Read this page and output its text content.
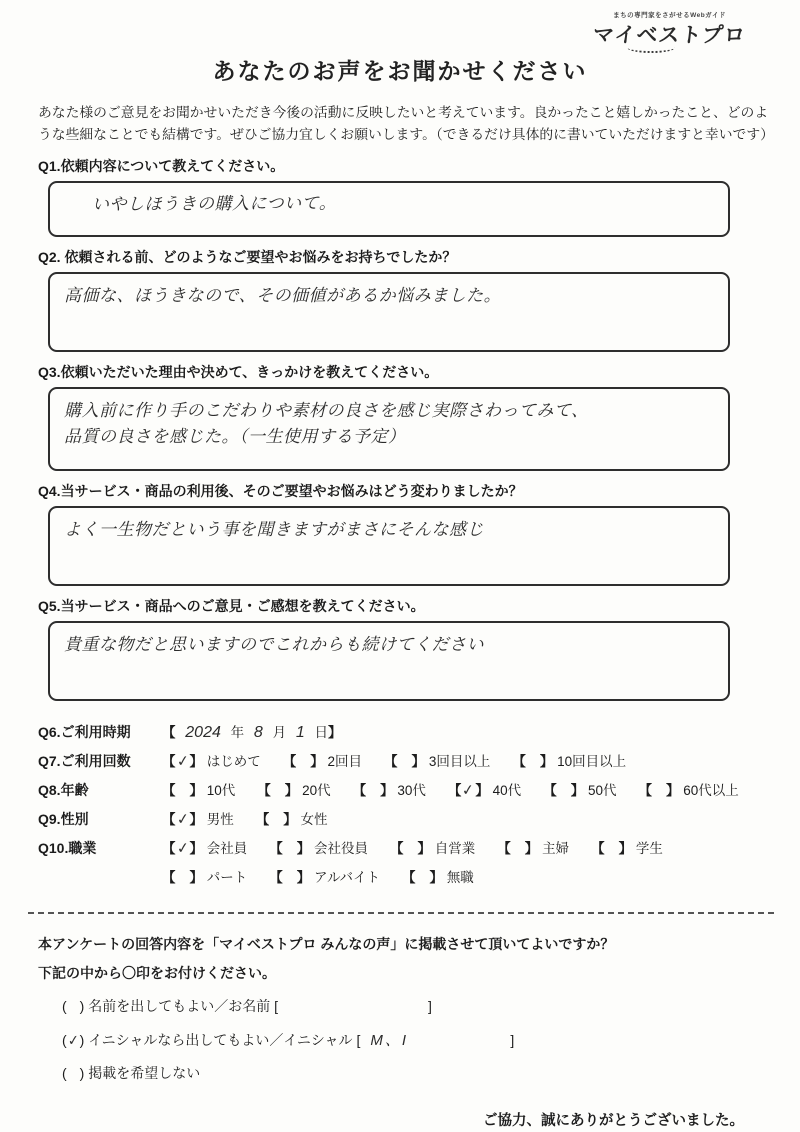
まちの専門家をさがせるWebガイド
マイベストプロ
あなたのお声をお聞かせください

あなた様のご意見をお聞かせいただき今後の活動に反映したいと考えています。良かったこと嬉しかったこと、どのような些細なことでも結構です。ぜひご協力宜しくお願いします。（できるだけ具体的に書いていただけますと幸いです）

Q1.依頼内容について教えてください。
いやしほうきの購入について。
Q2. 依頼される前、どのようなご要望やお悩みをお持ちでしたか？
高価な、ほうきなので、その価値があるか悩みました。
Q3.依頼いただいた理由や決めて、きっかけを教えてください。
購入前に作り手のこだわりや素材の良さを感じ実際さわってみて、
品質の良さを感じた。（一生使用する予定）
Q4.当サービス・商品の利用後、そのご要望やお悩みはどう変わりましたか？
よく一生物だという事を聞きますがまさにそんな感じ
Q5.当サービス・商品へのご意見・ご感想を教えてください。
貴重な物だと思いますのでこれからも続けてください
Q6.ご利用時期	【 2024 年 8 月 1 日】
Q7.ご利用回数	【✓】 はじめて 【 】 2回目 【 】 3回目以上 【 】 10回目以上
Q8.年齢	【 】 10代 【 】 20代 【 】 30代 【✓】 40代 【 】 50代 【 】 60代以上
Q9.性別	【✓】 男性 【 】 女性
Q10.職業	【✓】 会社員 【 】 会社役員 【 】 自営業 【 】 主婦 【 】 学生
【 】 パート 【 】 アルバイト 【 】 無職
本アンケートの回答内容を「マイベストプロ みんなの声」に掲載させて頂いてよいですか？
下記の中から〇印をお付けください。
( ) 名前を出してもよい／お名前 [	]
(✓) イニシャルなら出してもよい／イニシャル [ M、I	]
( ) 掲載を希望しない
ご協力、誠にありがとうございました。
